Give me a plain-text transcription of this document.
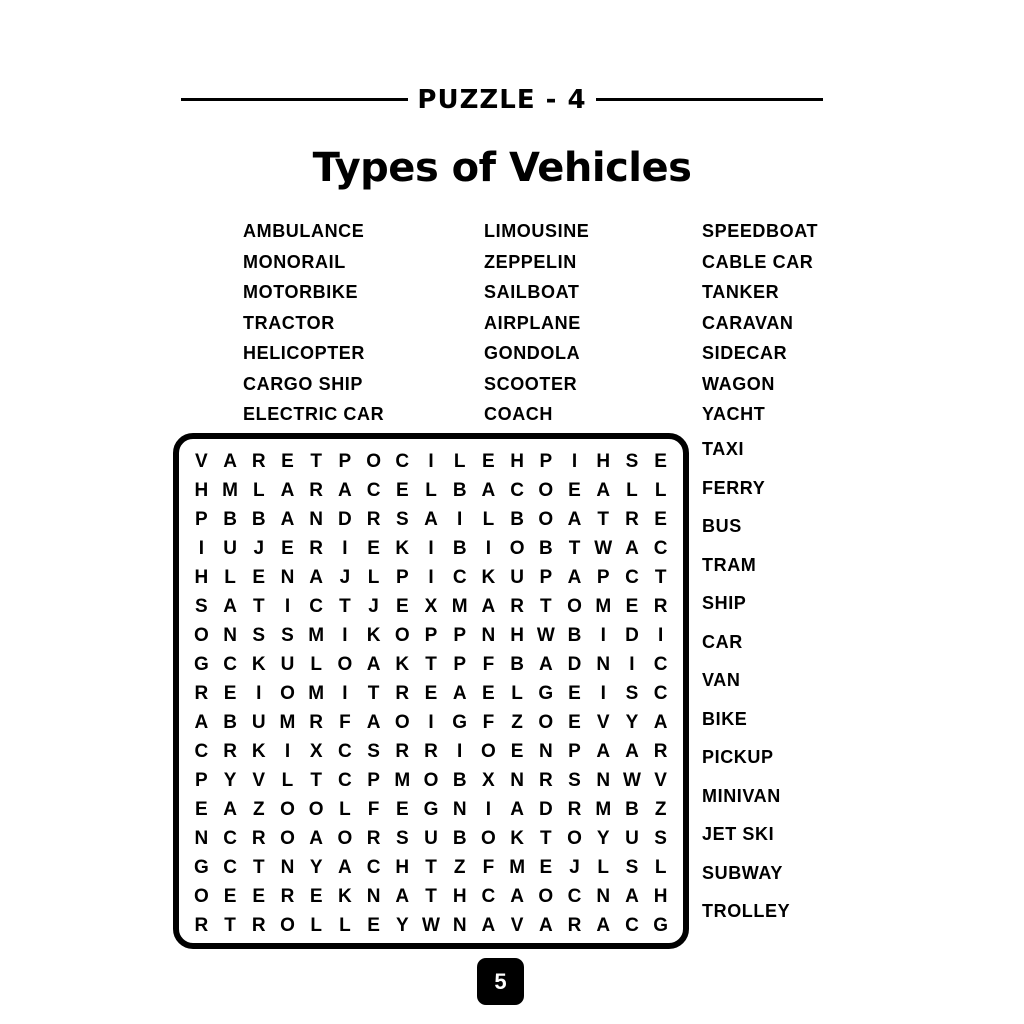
PUZZLE - 4
Types of Vehicles
AMBULANCE
MONORAIL
MOTORBIKE
TRACTOR
HELICOPTER
CARGO SHIP
ELECTRIC CAR
LIMOUSINE
ZEPPELIN
SAILBOAT
AIRPLANE
GONDOLA
SCOOTER
COACH
SPEEDBOAT
CABLE CAR
TANKER
CARAVAN
SIDECAR
WAGON
YACHT
TAXI
FERRY
BUS
TRAM
SHIP
CAR
VAN
BIKE
PICKUP
MINIVAN
JET SKI
SUBWAY
TROLLEY
V A R E T P O C	I	L E H P	I	H S E
H M L A R A C E L B A C O E A L L
P B B A N D R S A	I	L B O A T R E
I	U J E R	I	E K	I	B	I O B T W A C
H L E N A J L P	I	C K U P A P C T
S A T	I	C T J E X M A R T O M E R
O N S S M I	K O P P N H W B	I	D	I
G C K U L O A K T P F B A D N	I	C
R E	I O M I	T R E A E L G E	I	S C
A B U M R F A O I G F Z O E V Y A
C R K	I	X C S R R	I O E N P A A R
P Y V L T C P M O B X N R S N W V
E A Z O O L F E G N	I	A D R M B Z
N C R O A O R S U B O K T O Y U S
G C T N Y A C H T Z F M E J L S L
O E E R E K N A T H C A O C N A H
R T R O L L E Y W N A V A R A C G
5
